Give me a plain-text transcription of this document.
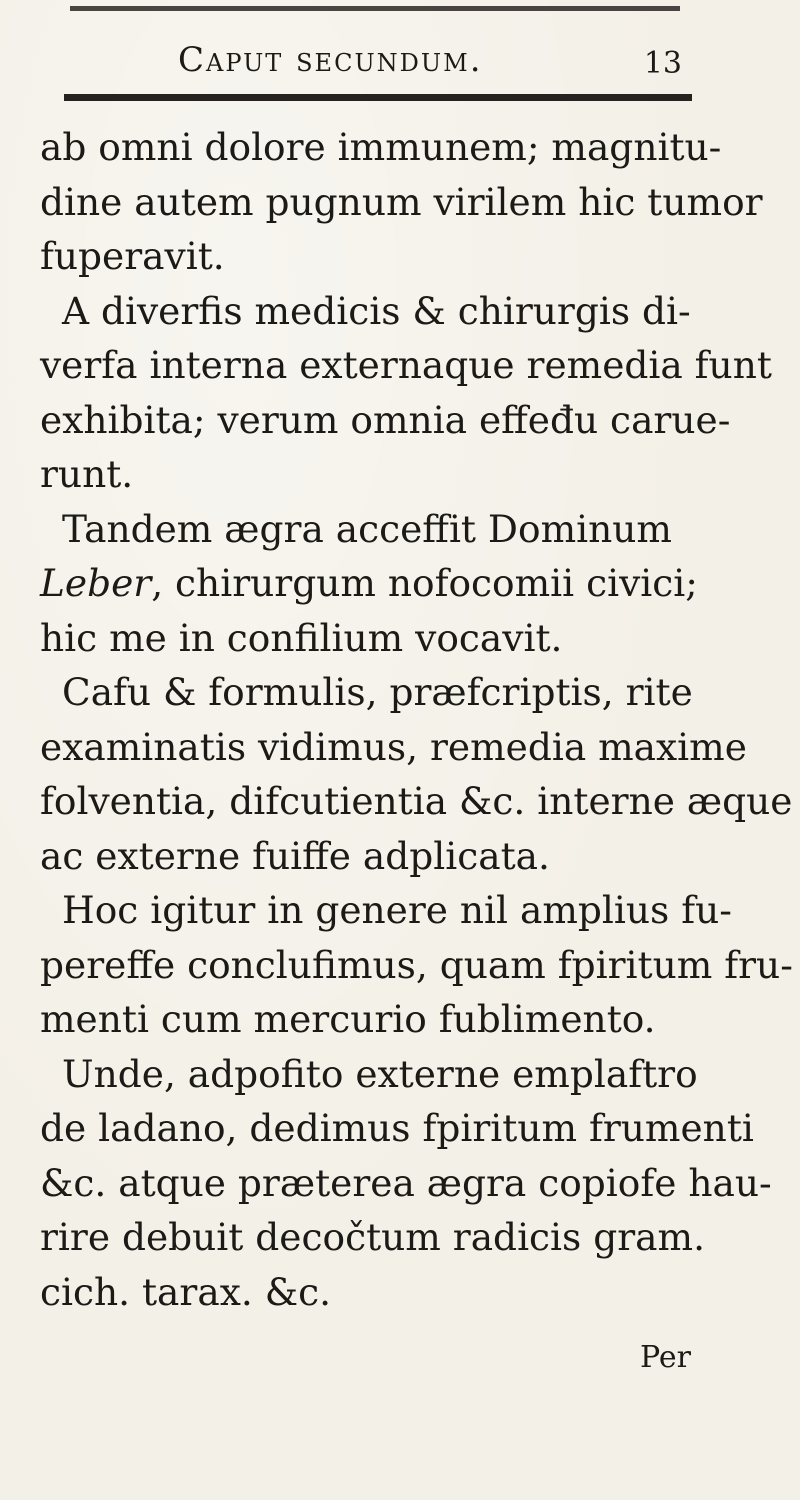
Caput secundum.	13
ab omni dolore immunem; magnitu-
dine autem pugnum virilem hic tumor
fuperavit.
A diverfis medicis & chirurgis di-
verfa interna externaque remedia funt
exhibita; verum omnia effeđu carue-
runt.
Tandem ægra acceffit Dominum
Leber, chirurgum nofocomii civici;
hic me in confilium vocavit.
Cafu & formulis, præfcriptis, rite
examinatis vidimus, remedia maxime
folventia, difcutientia &c. interne æque
ac externe fuiffe adplicata.
Hoc igitur in genere nil amplius fu-
pereffe conclufimus, quam fpiritum fru-
menti cum mercurio fublimento.
Unde, adpofito externe emplaftro
de ladano, dedimus fpiritum frumenti
&c. atque præterea ægra copiofe hau-
rire debuit decočtum radicis gram.
cich. tarax. &c.
Per
